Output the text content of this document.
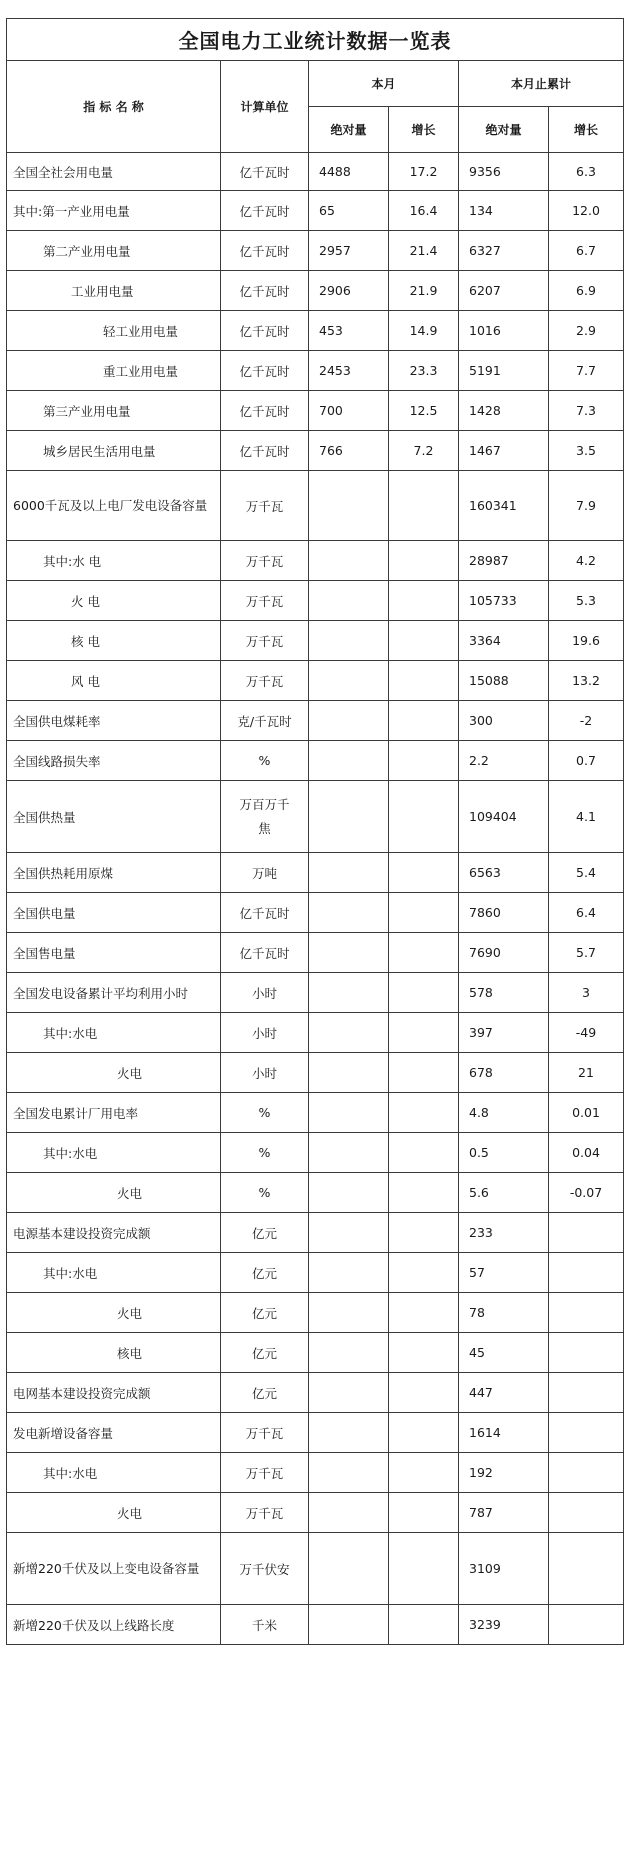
全国电力工业统计数据一览表					
指 标 名 称	计算单位	本月		本月止累计	
		绝对量	增长	绝对量	增长
全国全社会用电量	亿千瓦时	4488	17.2	9356	6.3
其中:第一产业用电量	亿千瓦时	65	16.4	134	12.0
第二产业用电量	亿千瓦时	2957	21.4	6327	6.7
工业用电量	亿千瓦时	2906	21.9	6207	6.9
轻工业用电量	亿千瓦时	453	14.9	1016	2.9
重工业用电量	亿千瓦时	2453	23.3	5191	7.7
第三产业用电量	亿千瓦时	700	12.5	1428	7.3
城乡居民生活用电量	亿千瓦时	766	7.2	1467	3.5
6000千瓦及以上电厂发电设备容量	万千瓦			160341	7.9
其中:水 电	万千瓦			28987	4.2
火 电	万千瓦			105733	5.3
核 电	万千瓦			3364	19.6
风 电	万千瓦			15088	13.2
全国供电煤耗率	克/千瓦时			300	-2
全国线路损失率	%			2.2	0.7
全国供热量	万百万千焦			109404	4.1
全国供热耗用原煤	万吨			6563	5.4
全国供电量	亿千瓦时			7860	6.4
全国售电量	亿千瓦时			7690	5.7
全国发电设备累计平均利用小时	小时			578	3
其中:水电	小时			397	-49
火电	小时			678	21
全国发电累计厂用电率	%			4.8	0.01
其中:水电	%			0.5	0.04
火电	%			5.6	-0.07
电源基本建设投资完成额	亿元			233	
其中:水电	亿元			57	
火电	亿元			78	
核电	亿元			45	
电网基本建设投资完成额	亿元			447	
发电新增设备容量	万千瓦			1614	
其中:水电	万千瓦			192	
火电	万千瓦			787	
新增220千伏及以上变电设备容量	万千伏安			3109	
新增220千伏及以上线路长度	千米			3239	
